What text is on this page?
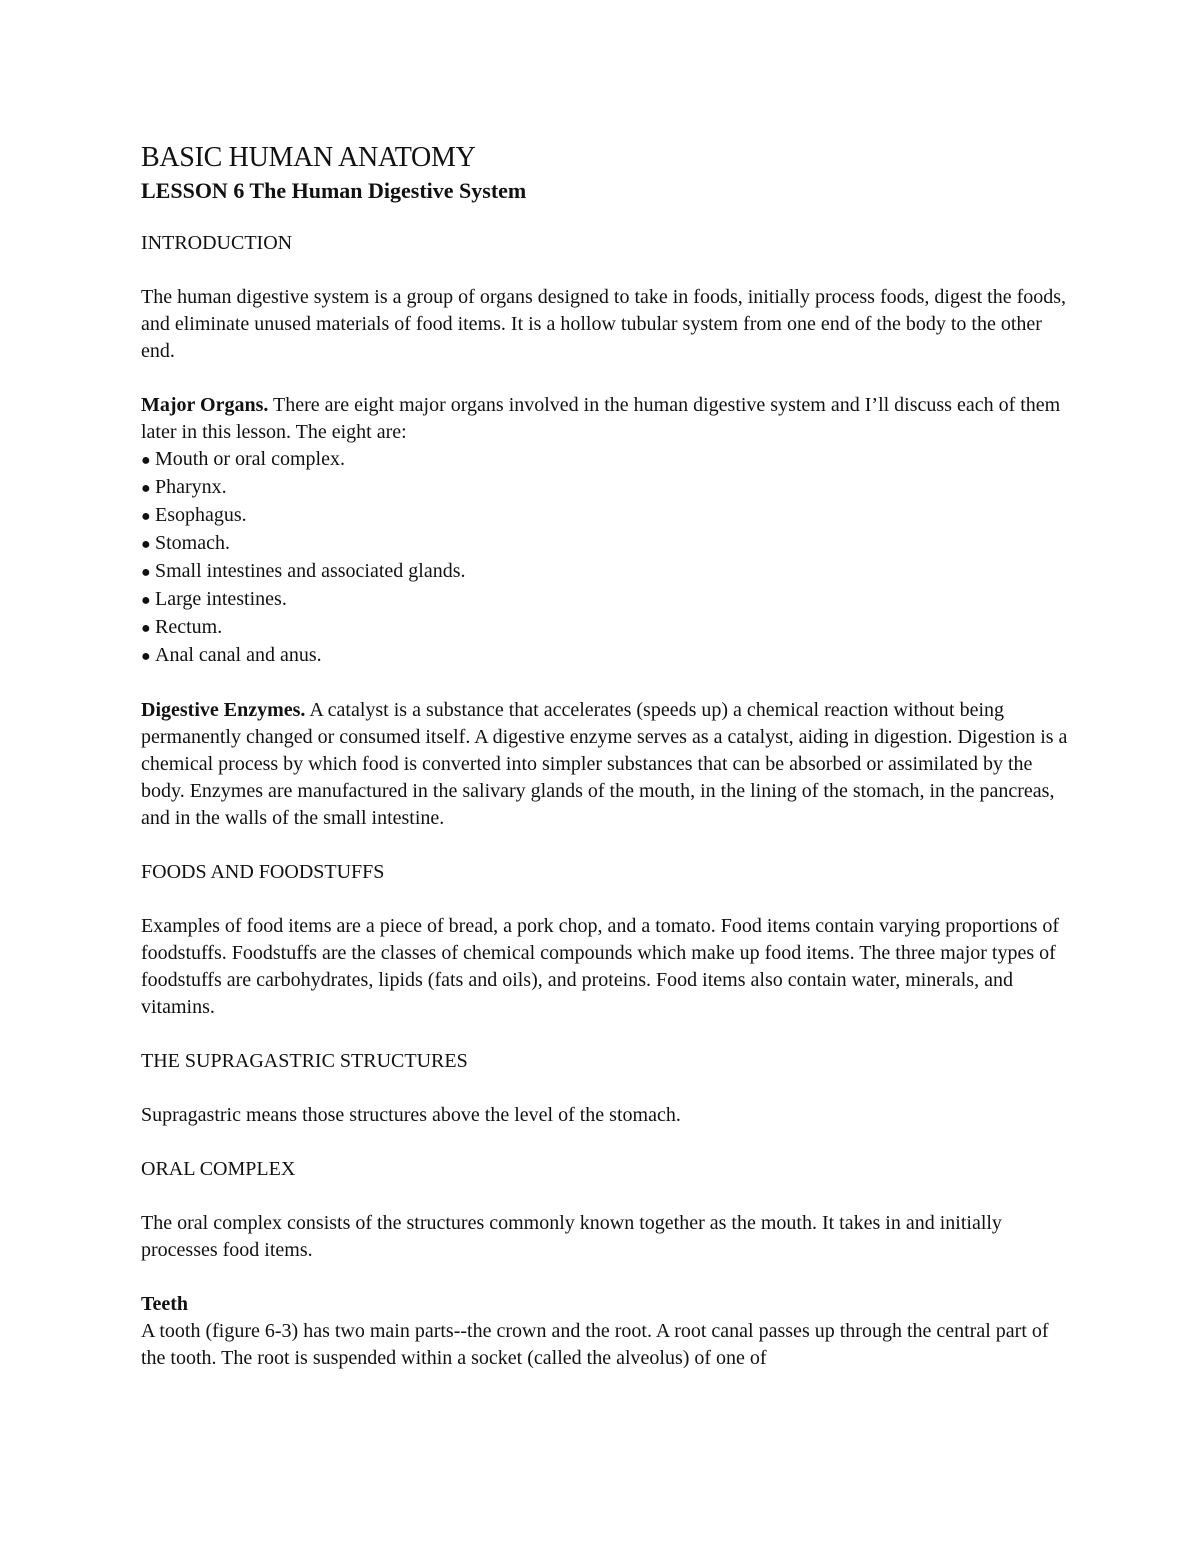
BASIC HUMAN ANATOMY
LESSON 6 The Human Digestive System
INTRODUCTION

The human digestive system is a group of organs designed to take in foods, initially process foods, digest the foods, and eliminate unused materials of food items. It is a hollow tubular system from one end of the body to the other end.

Major Organs. There are eight major organs involved in the human digestive system and I’ll discuss each of them later in this lesson. The eight are:
● Mouth or oral complex.
● Pharynx.
● Esophagus.
● Stomach.
● Small intestines and associated glands.
● Large intestines.
● Rectum.
● Anal canal and anus.

Digestive Enzymes. A catalyst is a substance that accelerates (speeds up) a chemical reaction without being permanently changed or consumed itself. A digestive enzyme serves as a catalyst, aiding in digestion. Digestion is a chemical process by which food is converted into simpler substances that can be absorbed or assimilated by the body. Enzymes are manufactured in the salivary glands of the mouth, in the lining of the stomach, in the pancreas, and in the walls of the small intestine.

FOODS AND FOODSTUFFS

Examples of food items are a piece of bread, a pork chop, and a tomato. Food items contain varying proportions of foodstuffs. Foodstuffs are the classes of chemical compounds which make up food items. The three major types of foodstuffs are carbohydrates, lipids (fats and oils), and proteins. Food items also contain water, minerals, and vitamins.

THE SUPRAGASTRIC STRUCTURES

Supragastric means those structures above the level of the stomach.

ORAL COMPLEX

The oral complex consists of the structures commonly known together as the mouth. It takes in and initially processes food items.

Teeth

A tooth (figure 6-3) has two main parts--the crown and the root. A root canal passes up through the central part of the tooth. The root is suspended within a socket (called the alveolus) of one of
